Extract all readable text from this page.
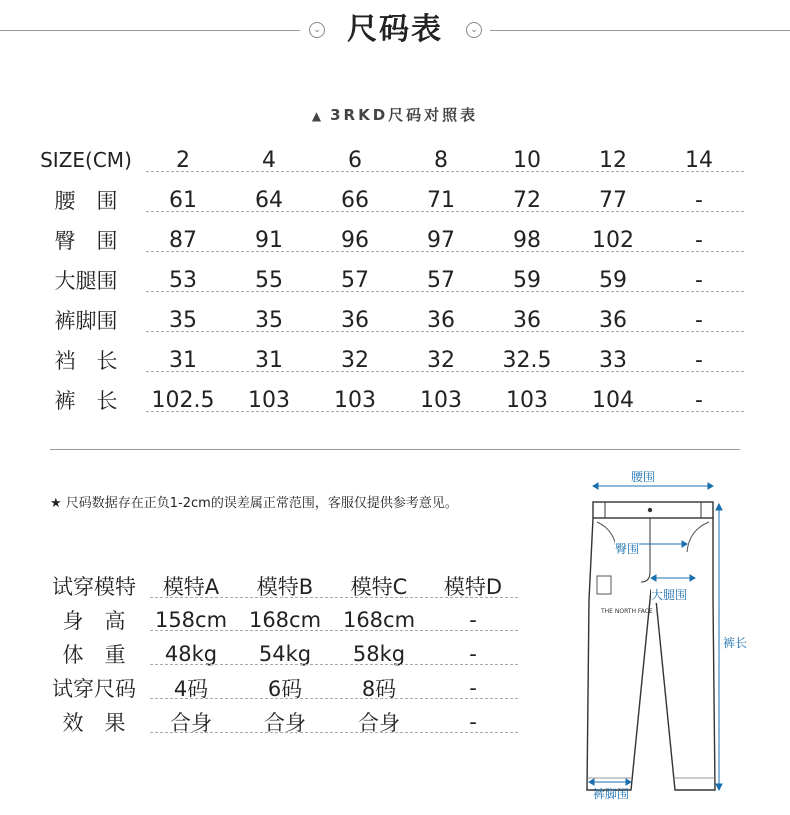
⌄ 尺码表	⌄
▲ 3RKD尺码对照表
SIZE(CM)	2	4	6	8	10	12	14
腰　围	61	64	66	71	72	77	-
臀　围	87	91	96	97	98	102	-
大腿围	53	55	57	57	59	59	-
裤脚围	35	35	36	36	36	36	-
裆　长	31	31	32	32	32.5	33	-
裤　长	102.5	103	103	103	103	104	-
★ 尺码数据存在正负1-2cm的误差属正常范围，客服仅提供参考意见。
试穿模特	模特A	模特B	模特C	模特D
身　高	158cm	168cm	168cm	-
体　重	48kg	54kg	58kg	-
试穿尺码	4码	6码	8码	-
效　果	合身	合身	合身	-
THE NORTH FACE
腰围
臀围
大腿围
裤长
裤脚围
